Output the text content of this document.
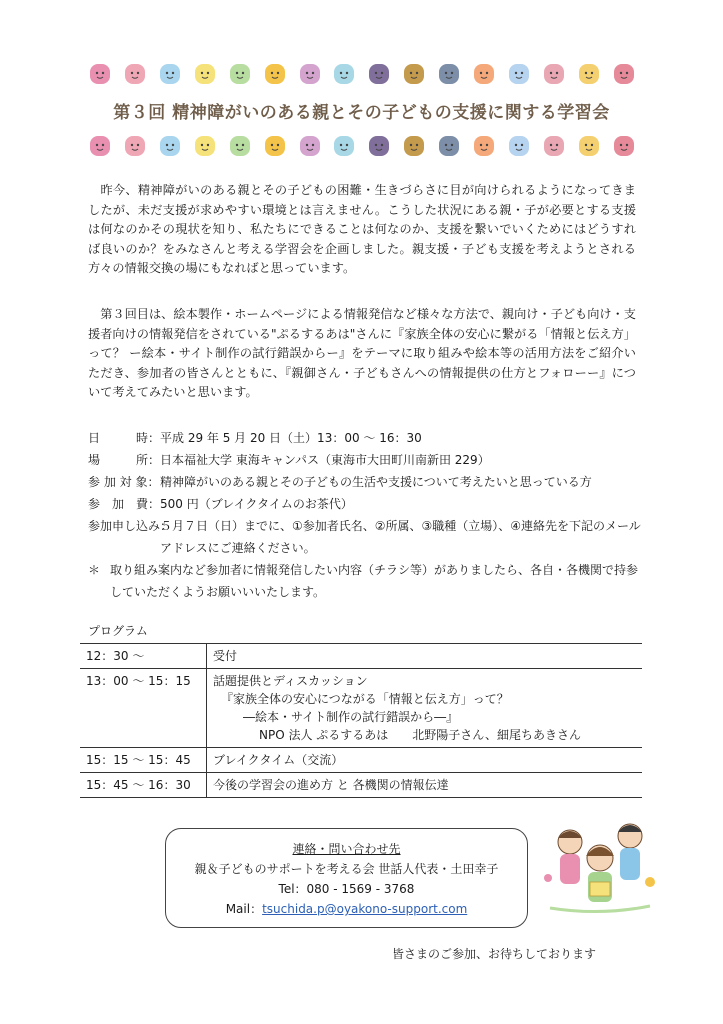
第３回 精神障がいのある親とその子どもの支援に関する学習会
　昨今、精神障がいのある親とその子どもの困難・生きづらさに目が向けられるようになってきましたが、未だ支援が求めやすい環境とは言えません。こうした状況にある親・子が必要とする支援は何なのかその現状を知り、私たちにできることは何なのか、支援を繋いでいくためにはどうすれば良いのか？をみなさんと考える学習会を企画しました。親支援・子ども支援を考えようとされる方々の情報交換の場にもなればと思っています。
　第３回目は、絵本製作・ホームページによる情報発信など様々な方法で、親向け・子ども向け・支援者向けの情報発信をされている"ぷるするあは"さんに『家族全体の安心に繋がる「情報と伝え方」って？ ー絵本・サイト制作の試行錯誤からー』をテーマに取り組みや絵本等の活用方法をご紹介いただき、参加者の皆さんとともに、『親御さん・子どもさんへの情報提供の仕方とフォローー』について考えてみたいと思います。
日　　　時： 平成 29 年 5 月 20 日（土）13：00 ～ 16：30
場　　　所： 日本福祉大学 東海キャンパス（東海市大田町川南新田 229）
参 加 対 象： 精神障がいのある親とその子どもの生活や支援について考えたいと思っている方
参　加　費： 500 円（ブレイクタイムのお茶代）
参加申し込み：
５月７日（日）までに、①参加者氏名、②所属、③職種（立場）、④連絡先を下記のメールアドレスにご連絡ください。
＊ 取り組み案内など参加者に情報発信したい内容（チラシ等）がありましたら、各自・各機関で持参していただくようお願いいいたします。
プログラム
12：30 ～	受付
13：00 ～ 15：15	話題提供とディスカッション
『家族全体の安心につながる「情報と伝え方」って？
―絵本・サイト制作の試行錯誤から―』
NPO 法人 ぷるするあは　　北野陽子さん、細尾ちあきさん

15：15 ～ 15：45	ブレイクタイム（交流）
15：45 ～ 16：30	今後の学習会の進め方 と 各機関の情報伝達
連絡・問い合わせ先
親＆子どものサポートを考える会 世話人代表・土田幸子
Tel：080 - 1569 - 3768
Mail：tsuchida.p@oyakono-support.com
皆さまのご参加、お待ちしております
